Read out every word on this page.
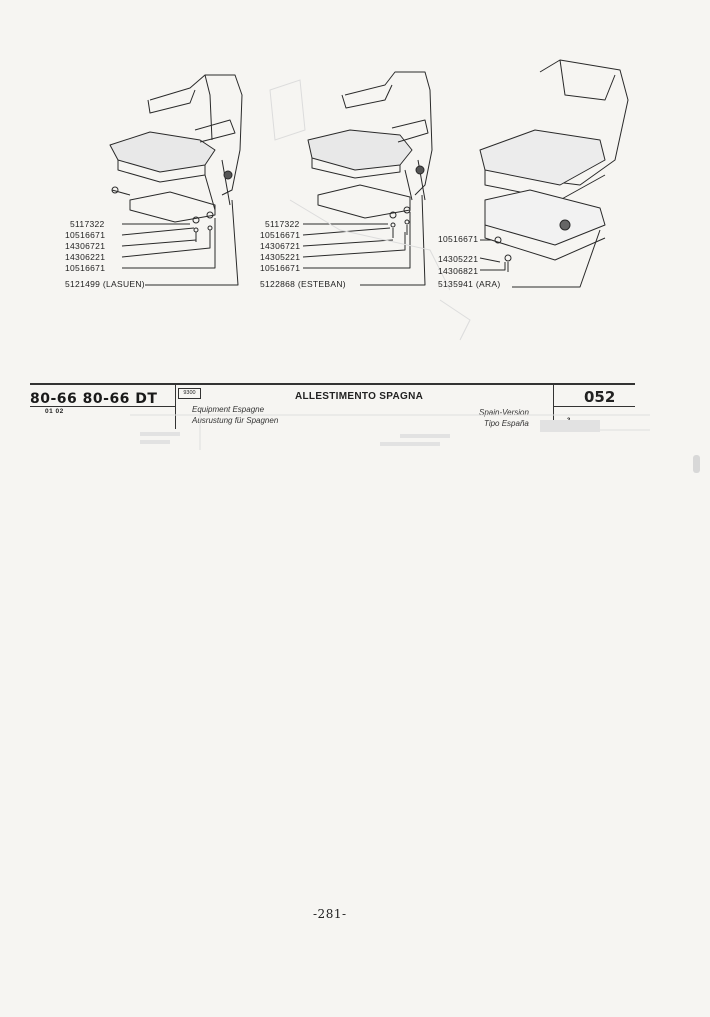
5117322
10516671
14306721
14306221
10516671
5121499 (LASUEN)
5117322
10516671
14306721
14305221
10516671
5122868 (ESTEBAN)
10516671
14305221
14306821
5135941 (ARA)
80-66 80-66 DT
01 02
9300	ALLESTIMENTO SPAGNA
Equipment Espagne
Ausrustung für Spagnen
Spain-Version
Tipo España
052

-281-
